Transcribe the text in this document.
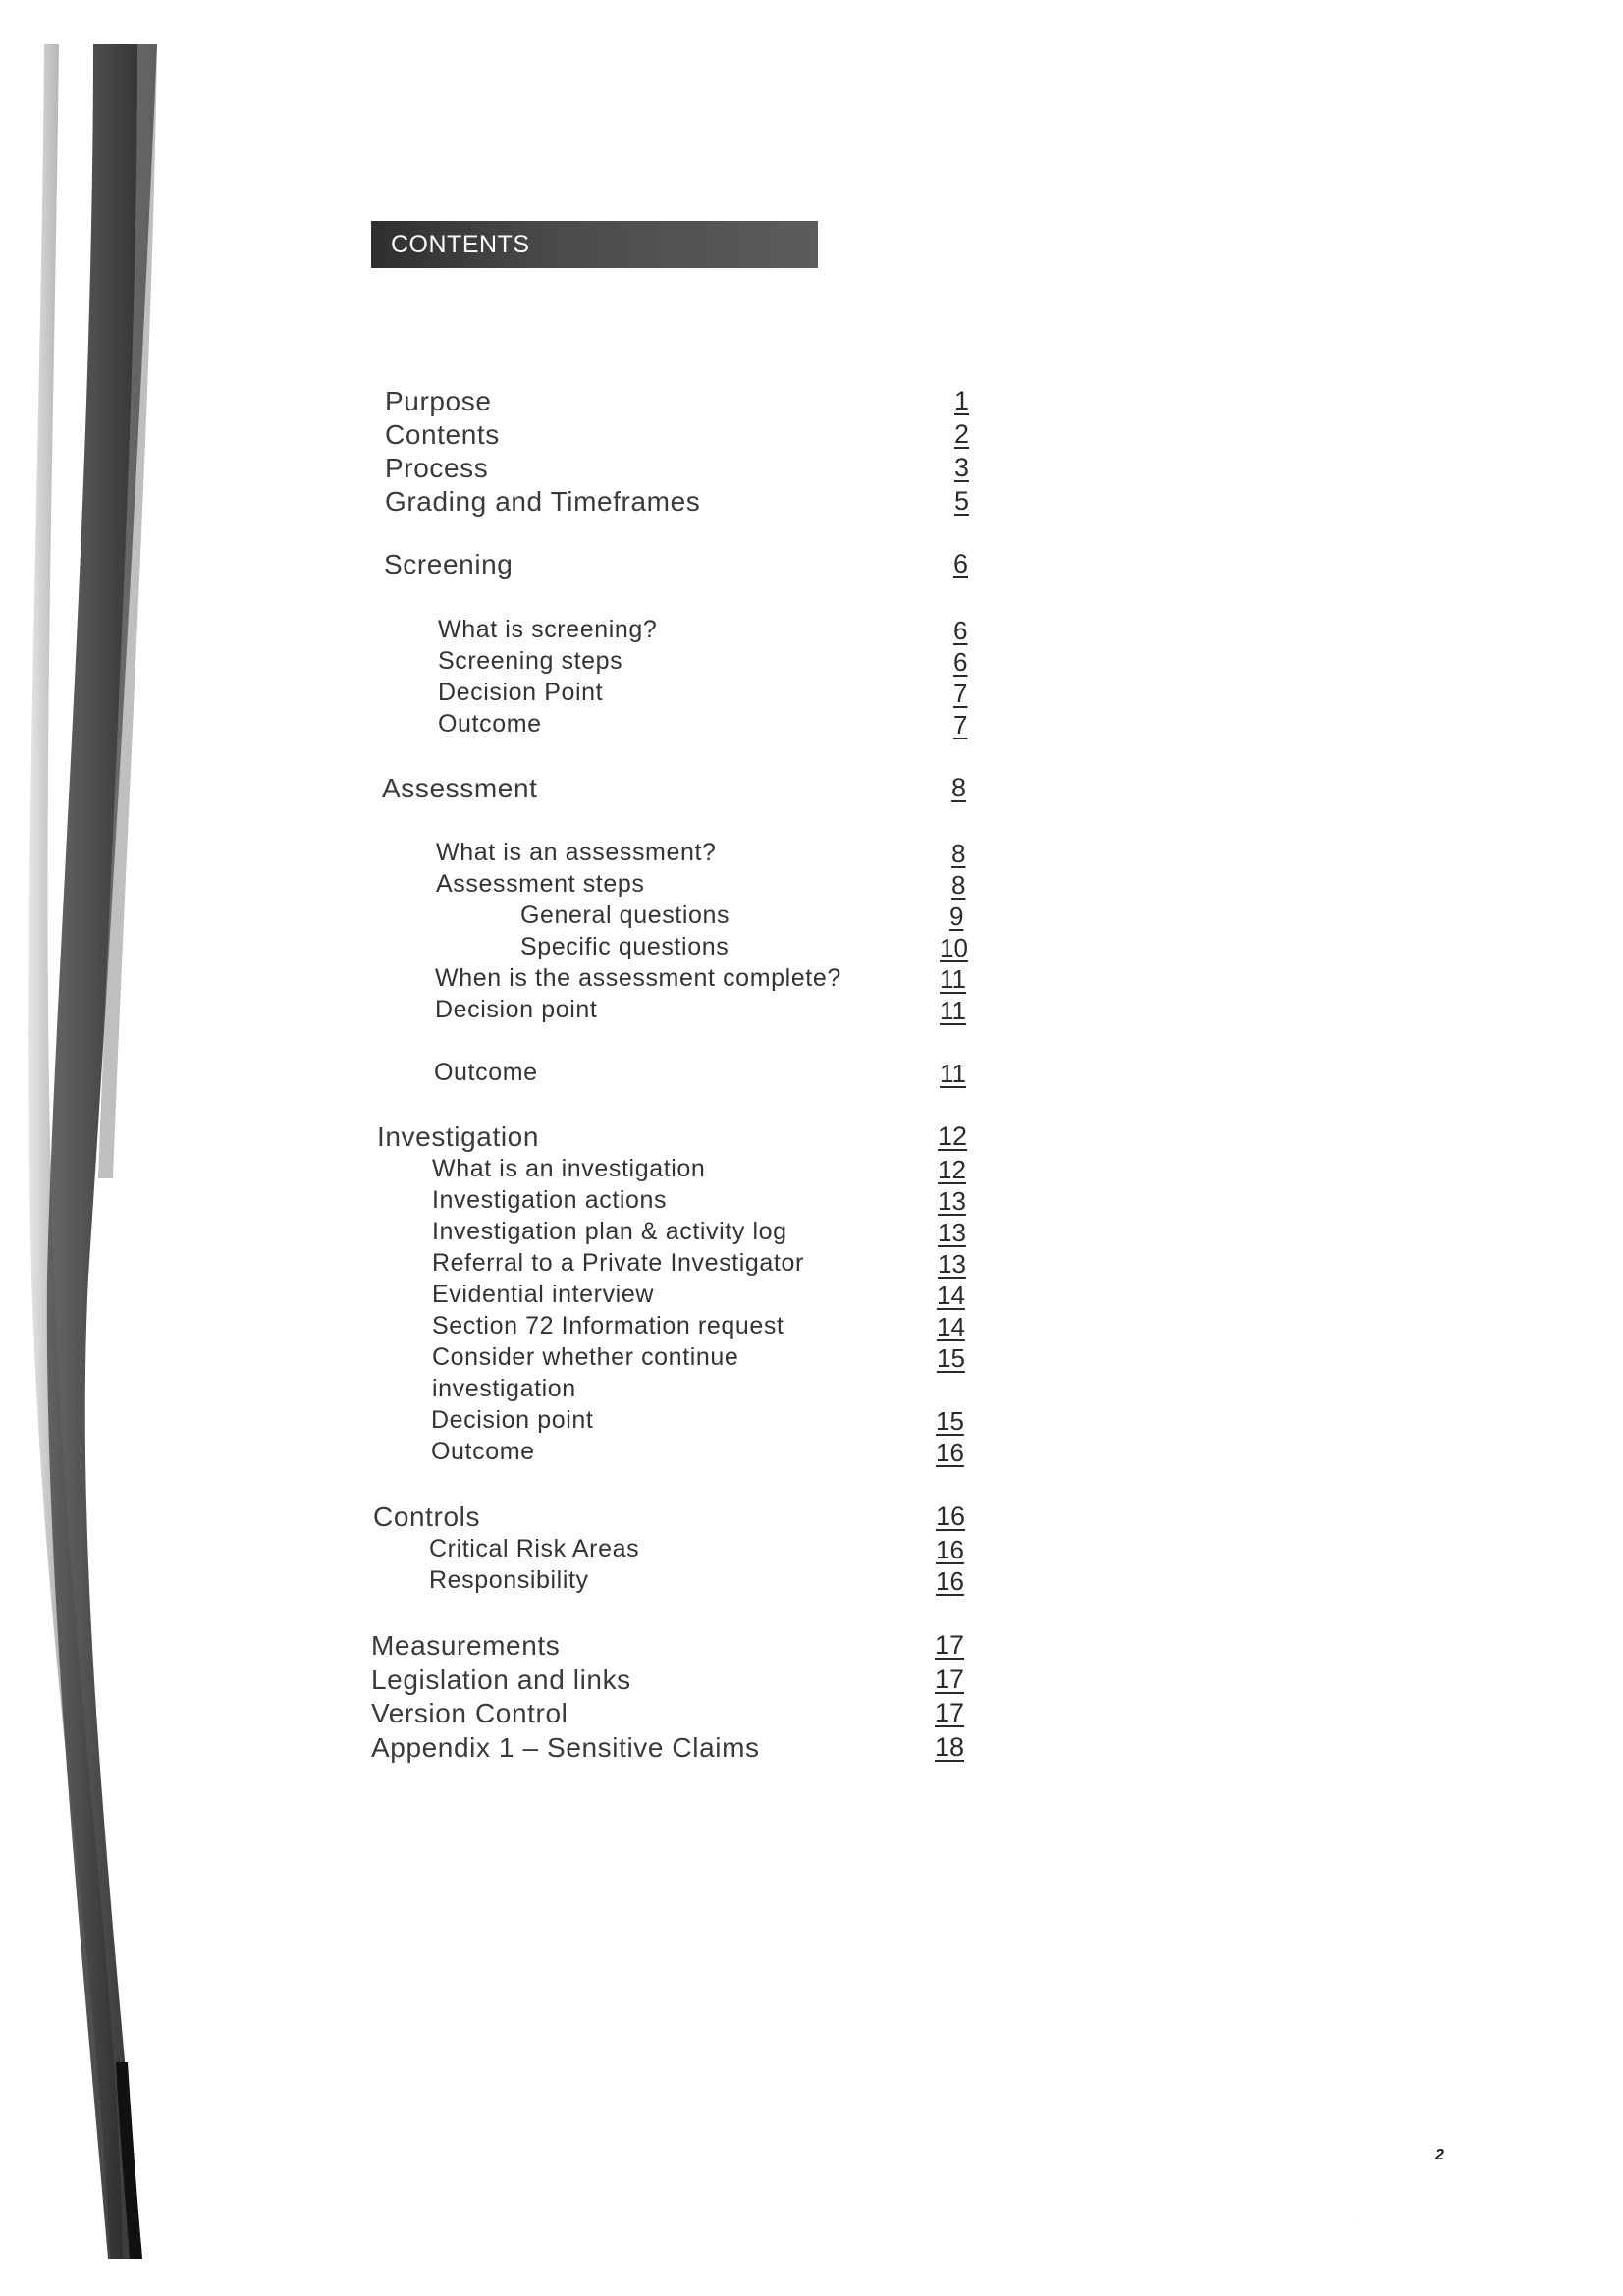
CONTENTS
Purpose	1
Contents	2
Process	3
Grading and Timeframes	5
Screening	6
What is screening?	6
Screening steps	6
Decision Point	7
Outcome	7
Assessment	8
What is an assessment?	8
Assessment steps	8
General questions	9
Specific questions	10
When is the assessment complete?	11
Decision point	11
Outcome	11
Investigation	12
What is an investigation	12
Investigation actions	13
Investigation plan & activity log	13
Referral to a Private Investigator	13
Evidential interview	14
Section 72 Information request	14
Consider whether continue	15
investigation
Decision point	15
Outcome	16
Controls	16
Critical Risk Areas	16
Responsibility	16
Measurements	17
Legislation and links	17
Version Control	17
Appendix 1 – Sensitive Claims	18
2
·
